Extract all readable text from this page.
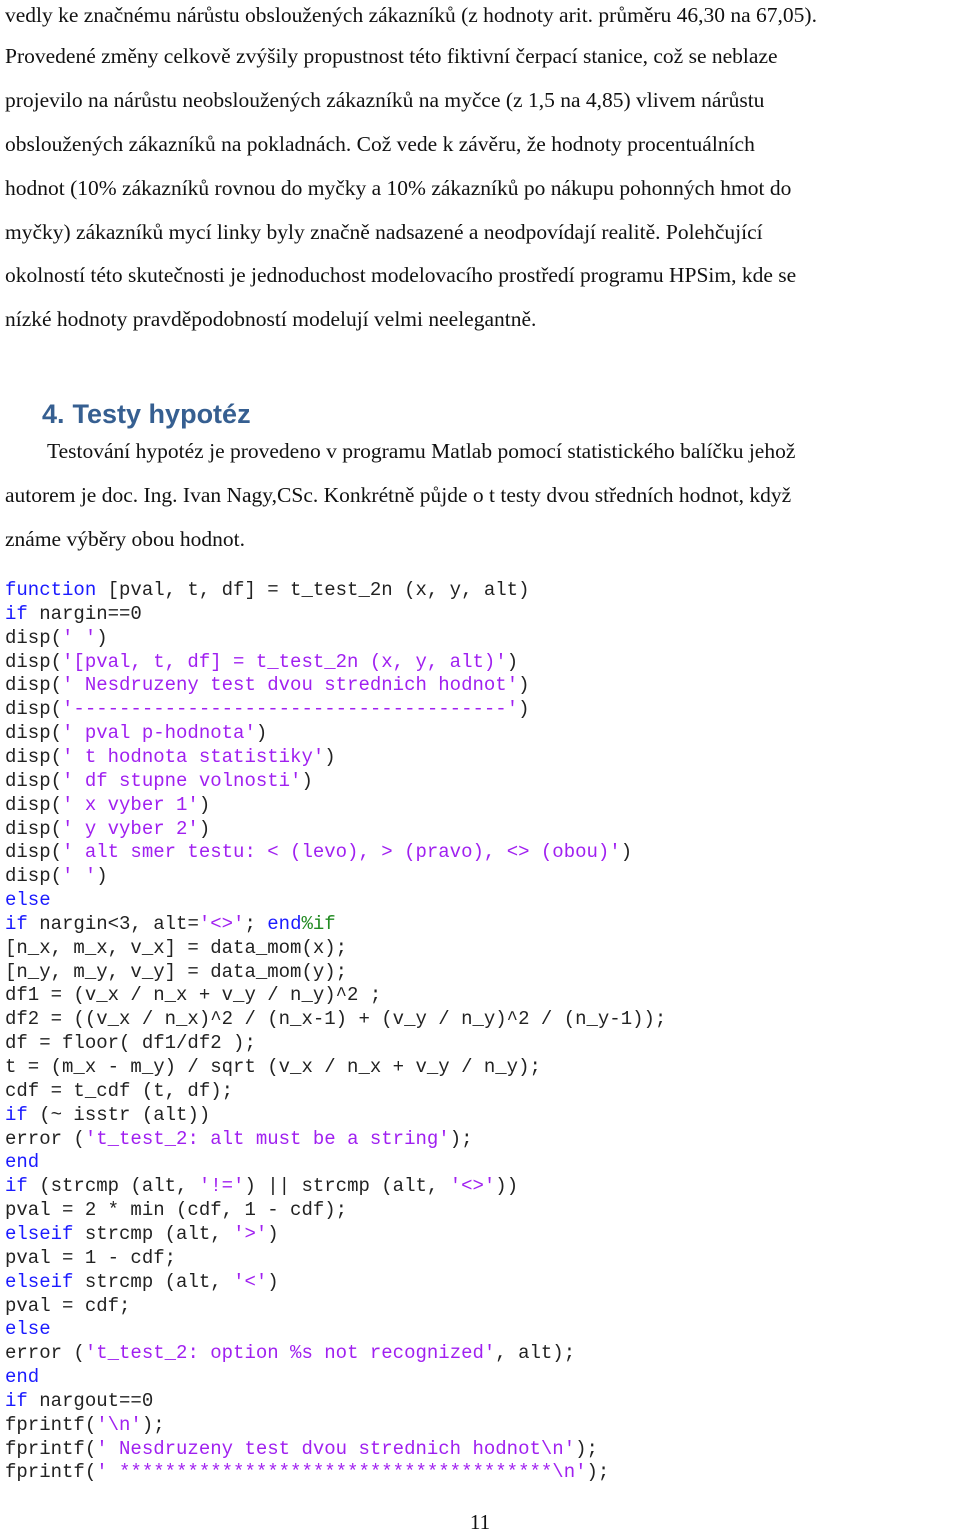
vedly ke značnému nárůstu obsloužených zákazníků (z hodnoty arit. průměru 46,30 na 67,05).
Provedené změny celkově zvýšily propustnost této fiktivní čerpací stanice, což se neblaze
projevilo na nárůstu neobsloužených zákazníků na myčce (z 1,5 na 4,85) vlivem nárůstu
obsloužených zákazníků na pokladnách. Což vede k závěru, že hodnoty procentuálních
hodnot (10% zákazníků rovnou do myčky a 10% zákazníků po nákupu pohonných hmot do
myčky) zákazníků mycí linky byly značně nadsazené a neodpovídají realitě. Polehčující
okolností této skutečnosti je jednoduchost modelovacího prostředí programu HPSim, kde se
nízké hodnoty pravděpodobností modelují velmi neelegantně.
4. Testy hypotéz
Testování hypotéz je provedeno v programu Matlab pomocí statistického balíčku jehož
autorem je doc. Ing. Ivan Nagy,CSc. Konkrétně půjde o t testy dvou středních hodnot, když
známe výběry obou hodnot.
function [pval, t, df] = t_test_2n (x, y, alt)
if nargin==0
disp(' ')
disp('[pval, t, df] = t_test_2n (x, y, alt)')
disp(' Nesdruzeny test dvou strednich hodnot')
disp('--------------------------------------')
disp(' pval p-hodnota')
disp(' t hodnota statistiky')
disp(' df stupne volnosti')
disp(' x vyber 1')
disp(' y vyber 2')
disp(' alt smer testu: < (levo), > (pravo), <> (obou)')
disp(' ')
else
if nargin<3, alt='<>'; end%if
[n_x, m_x, v_x] = data_mom(x);
[n_y, m_y, v_y] = data_mom(y);
df1 = (v_x / n_x + v_y / n_y)^2 ;
df2 = ((v_x / n_x)^2 / (n_x-1) + (v_y / n_y)^2 / (n_y-1));
df = floor( df1/df2 );
t = (m_x - m_y) / sqrt (v_x / n_x + v_y / n_y);
cdf = t_cdf (t, df);
if (~ isstr (alt))
error ('t_test_2: alt must be a string');
end
if (strcmp (alt, '!=') || strcmp (alt, '<>'))
pval = 2 * min (cdf, 1 - cdf);
elseif strcmp (alt, '>')
pval = 1 - cdf;
elseif strcmp (alt, '<')
pval = cdf;
else
error ('t_test_2: option %s not recognized', alt);
end
if nargout==0
fprintf('\n');
fprintf(' Nesdruzeny test dvou strednich hodnot\n');
fprintf(' **************************************\n');
11
